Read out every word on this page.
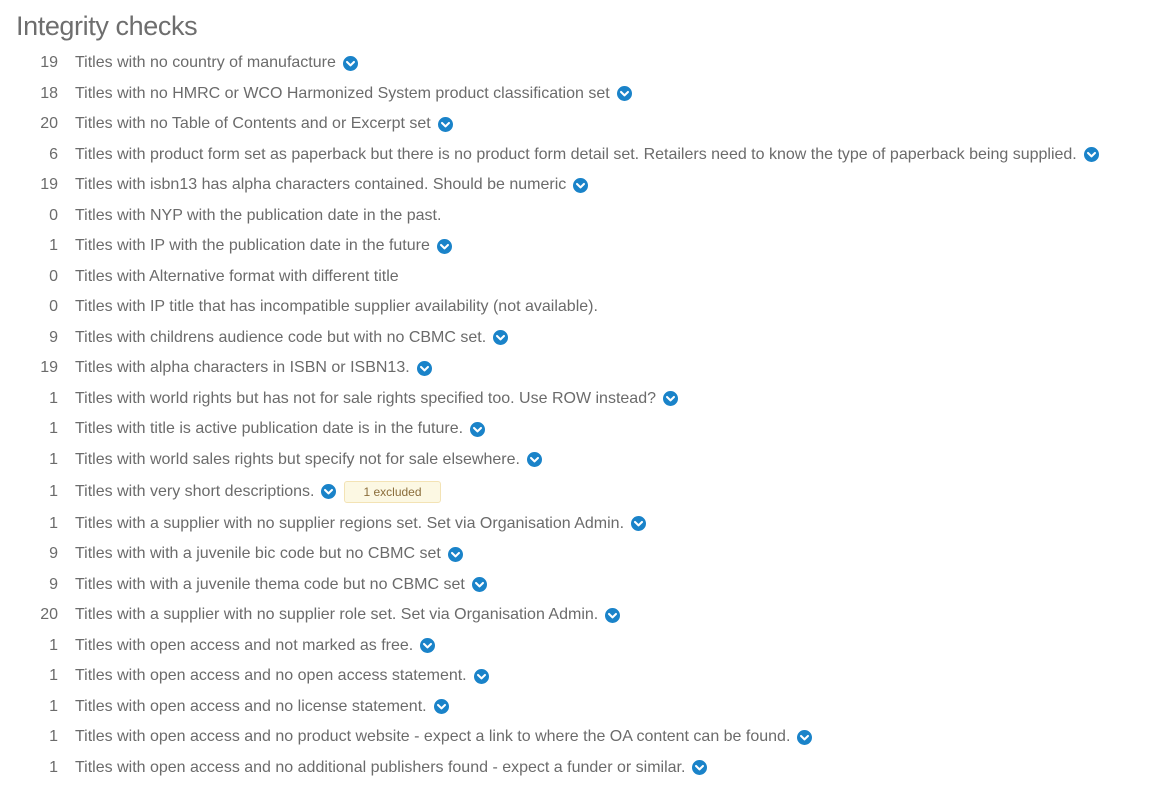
Integrity checks
19	Titles with no country of manufacture
18	Titles with no HMRC or WCO Harmonized System product classification set
20	Titles with no Table of Contents and or Excerpt set
6	Titles with product form set as paperback but there is no product form detail set. Retailers need to know the type of paperback being supplied.
19	Titles with isbn13 has alpha characters contained. Should be numeric
0	Titles with NYP with the publication date in the past.
1	Titles with IP with the publication date in the future
0	Titles with Alternative format with different title
0	Titles with IP title that has incompatible supplier availability (not available).
9	Titles with childrens audience code but with no CBMC set.
19	Titles with alpha characters in ISBN or ISBN13.
1	Titles with world rights but has not for sale rights specified too. Use ROW instead?
1	Titles with title is active publication date is in the future.
1	Titles with world sales rights but specify not for sale elsewhere.
1	Titles with very short descriptions.	1 excluded
1	Titles with a supplier with no supplier regions set. Set via Organisation Admin.
9	Titles with with a juvenile bic code but no CBMC set
9	Titles with with a juvenile thema code but no CBMC set
20	Titles with a supplier with no supplier role set. Set via Organisation Admin.
1	Titles with open access and not marked as free.
1	Titles with open access and no open access statement.
1	Titles with open access and no license statement.
1	Titles with open access and no product website - expect a link to where the OA content can be found.
1	Titles with open access and no additional publishers found - expect a funder or similar.
